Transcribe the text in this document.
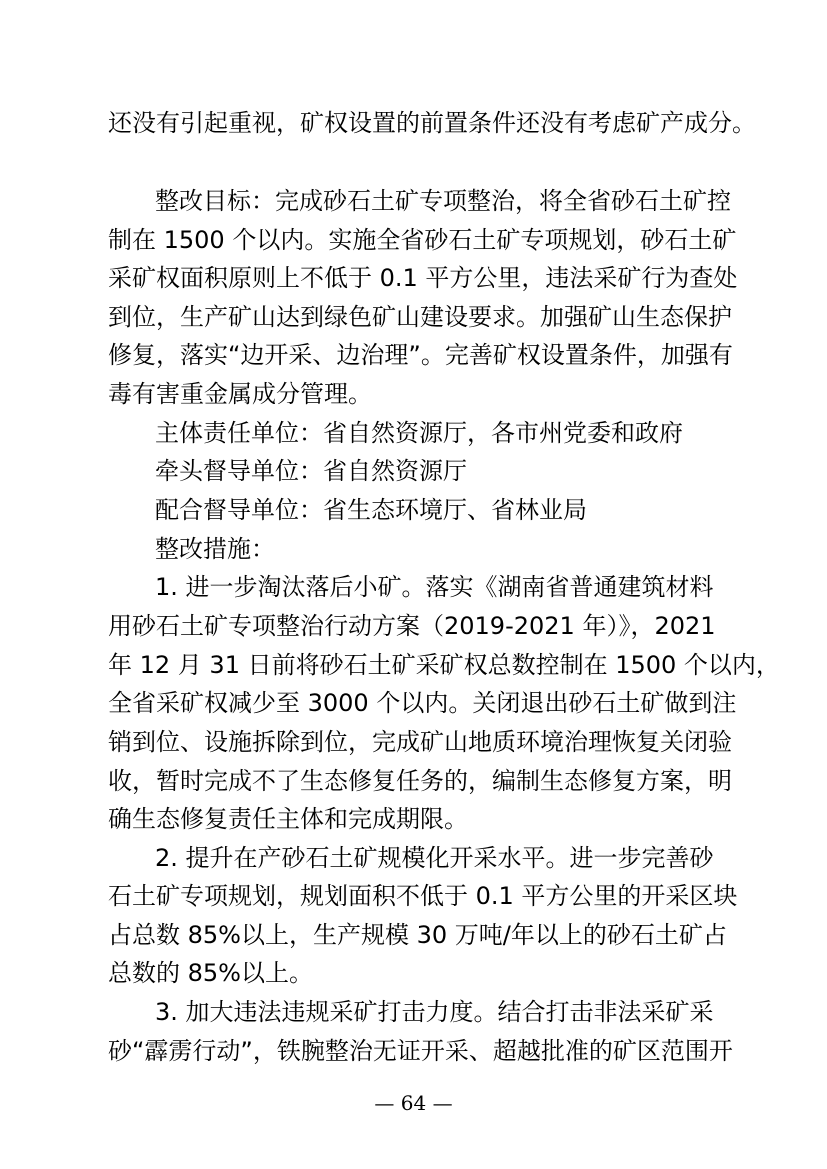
还没有引起重视，矿权设置的前置条件还没有考虑矿产成分。
整改目标：完成砂石土矿专项整治，将全省砂石土矿控
制在 1500 个以内。实施全省砂石土矿专项规划，砂石土矿
采矿权面积原则上不低于 0.1 平方公里，违法采矿行为查处
到位，生产矿山达到绿色矿山建设要求。加强矿山生态保护
修复，落实“边开采、边治理”。完善矿权设置条件，加强有
毒有害重金属成分管理。
主体责任单位：省自然资源厅，各市州党委和政府
牵头督导单位：省自然资源厅
配合督导单位：省生态环境厅、省林业局
整改措施：
1. 进一步淘汰落后小矿。落实《湖南省普通建筑材料
用砂石土矿专项整治行动方案（2019-2021 年）》，2021
年 12 月 31 日前将砂石土矿采矿权总数控制在 1500 个以内，
全省采矿权减少至 3000 个以内。关闭退出砂石土矿做到注
销到位、设施拆除到位，完成矿山地质环境治理恢复关闭验
收，暂时完成不了生态修复任务的，编制生态修复方案，明
确生态修复责任主体和完成期限。
2. 提升在产砂石土矿规模化开采水平。进一步完善砂
石土矿专项规划，规划面积不低于 0.1 平方公里的开采区块
占总数 85%以上，生产规模 30 万吨/年以上的砂石土矿占
总数的 85%以上。
3. 加大违法违规采矿打击力度。结合打击非法采矿采
砂“霹雳行动”，铁腕整治无证开采、超越批准的矿区范围开
— 64 —
